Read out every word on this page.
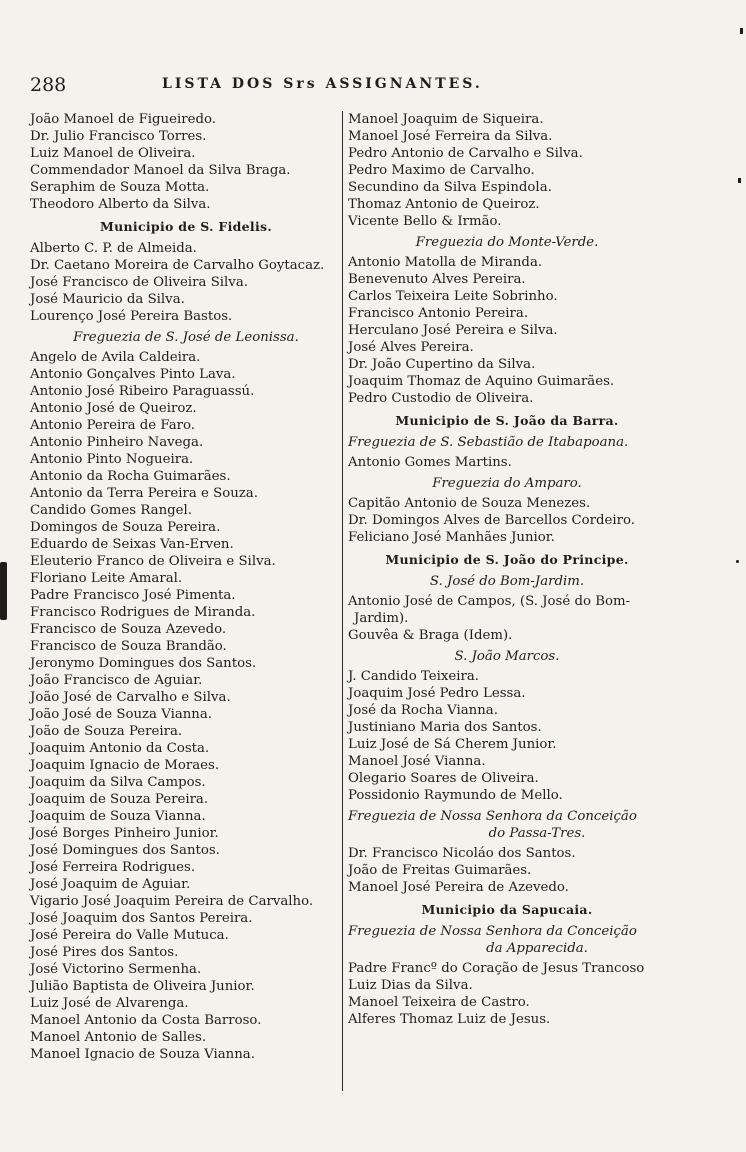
288	LISTA DOS Srs ASSIGNANTES.
João Manoel de Figueiredo.
Dr. Julio Francisco Torres.
Luiz Manoel de Oliveira.
Commendador Manoel da Silva Braga.
Seraphim de Souza Motta.
Theodoro Alberto da Silva.
Municipio de S. Fidelis.
Alberto C. P. de Almeida.
Dr. Caetano Moreira de Carvalho Goytacaz.
José Francisco de Oliveira Silva.
José Mauricio da Silva.
Lourenço José Pereira Bastos.
Freguezia de S. José de Leonissa.
Angelo de Avila Caldeira.
Antonio Gonçalves Pinto Lava.
Antonio José Ribeiro Paraguassú.
Antonio José de Queiroz.
Antonio Pereira de Faro.
Antonio Pinheiro Navega.
Antonio Pinto Nogueira.
Antonio da Rocha Guimarães.
Antonio da Terra Pereira e Souza.
Candido Gomes Rangel.
Domingos de Souza Pereira.
Eduardo de Seixas Van-Erven.
Eleuterio Franco de Oliveira e Silva.
Floriano Leite Amaral.
Padre Francisco José Pimenta.
Francisco Rodrigues de Miranda.
Francisco de Souza Azevedo.
Francisco de Souza Brandão.
Jeronymo Domingues dos Santos.
João Francisco de Aguiar.
João José de Carvalho e Silva.
João José de Souza Vianna.
João de Souza Pereira.
Joaquim Antonio da Costa.
Joaquim Ignacio de Moraes.
Joaquim da Silva Campos.
Joaquim de Souza Pereira.
Joaquim de Souza Vianna.
José Borges Pinheiro Junior.
José Domingues dos Santos.
José Ferreira Rodrigues.
José Joaquim de Aguiar.
Vigario José Joaquim Pereira de Carvalho.
José Joaquim dos Santos Pereira.
José Pereira do Valle Mutuca.
José Pires dos Santos.
José Victorino Sermenha.
Julião Baptista de Oliveira Junior.
Luiz José de Alvarenga.
Manoel Antonio da Costa Barroso.
Manoel Antonio de Salles.
Manoel Ignacio de Souza Vianna.
Manoel Joaquim de Siqueira.
Manoel José Ferreira da Silva.
Pedro Antonio de Carvalho e Silva.
Pedro Maximo de Carvalho.
Secundino da Silva Espindola.
Thomaz Antonio de Queiroz.
Vicente Bello & Irmão.
Freguezia do Monte-Verde.
Antonio Matolla de Miranda.
Benevenuto Alves Pereira.
Carlos Teixeira Leite Sobrinho.
Francisco Antonio Pereira.
Herculano José Pereira e Silva.
José Alves Pereira.
Dr. João Cupertino da Silva.
Joaquim Thomaz de Aquino Guimarães.
Pedro Custodio de Oliveira.
Municipio de S. João da Barra.
Freguezia de S. Sebastião de Itabapoana.
Antonio Gomes Martins.
Freguezia do Amparo.
Capitão Antonio de Souza Menezes.
Dr. Domingos Alves de Barcellos Cordeiro.
Feliciano José Manhães Junior.
Municipio de S. João do Principe.
S. José do Bom-Jardim.
Antonio José de Campos, (S. José do Bom-
Jardim).
Gouvêa & Braga (Idem).
S. João Marcos.
J. Candido Teixeira.
Joaquim José Pedro Lessa.
José da Rocha Vianna.
Justiniano Maria dos Santos.
Luiz José de Sá Cherem Junior.
Manoel José Vianna.
Olegario Soares de Oliveira.
Possidonio Raymundo de Mello.
Freguezia de Nossa Senhora da Conceição
do Passa-Tres.
Dr. Francisco Nicoláo dos Santos.
João de Freitas Guimarães.
Manoel José Pereira de Azevedo.
Municipio da Sapucaia.
Freguezia de Nossa Senhora da Conceição
da Apparecida.
Padre Francº do Coração de Jesus Trancoso
Luiz Dias da Silva.
Manoel Teixeira de Castro.
Alferes Thomaz Luiz de Jesus.
